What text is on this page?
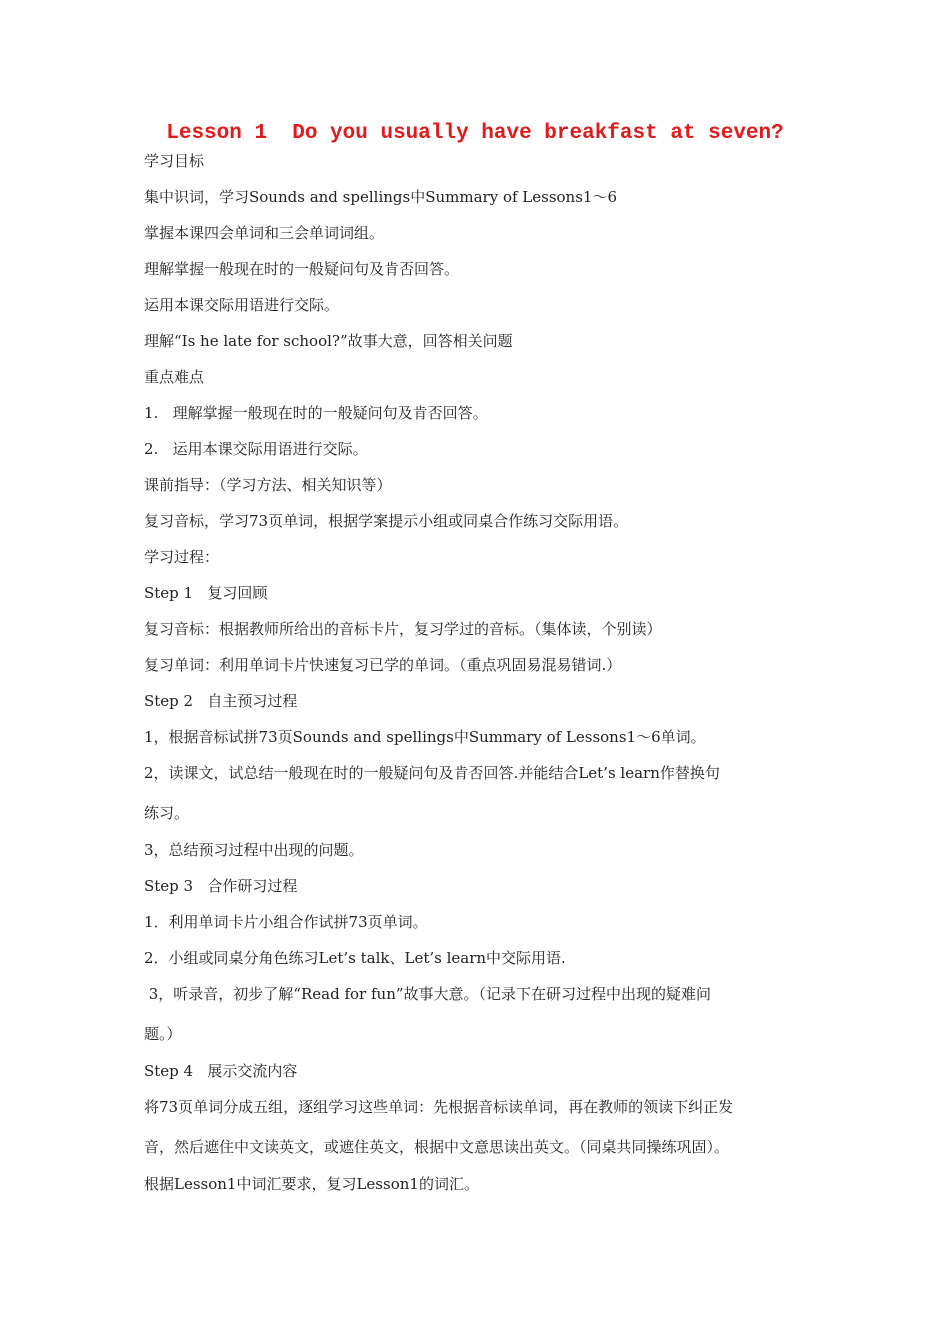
Lesson 1  Do you usually have breakfast at seven?
学习目标
集中识词，学习Sounds and spellings中Summary of Lessons1～6
掌握本课四会单词和三会单词词组。
理解掌握一般现在时的一般疑问句及肯否回答。
运用本课交际用语进行交际。
理解“Is he late for school?”故事大意，回答相关问题
重点难点
1.   理解掌握一般现在时的一般疑问句及肯否回答。
2.   运用本课交际用语进行交际。
课前指导：（学习方法、相关知识等）
复习音标，学习73页单词，根据学案提示小组或同桌合作练习交际用语。
学习过程：
Step 1   复习回顾
复习音标：根据教师所给出的音标卡片，复习学过的音标。（集体读，个别读）
复习单词：利用单词卡片快速复习已学的单词。（重点巩固易混易错词.）
Step 2   自主预习过程
1，根据音标试拼73页Sounds and spellings中Summary of Lessons1～6单词。
2，读课文，试总结一般现在时的一般疑问句及肯否回答.并能结合Let’s learn作替换句
练习。
3，总结预习过程中出现的问题。
Step 3   合作研习过程
1．利用单词卡片小组合作试拼73页单词。
2．小组或同桌分角色练习Let’s talk、Let’s learn中交际用语.
3，听录音，初步了解“Read for fun”故事大意。（记录下在研习过程中出现的疑难问
题。）
Step 4   展示交流内容
将73页单词分成五组，逐组学习这些单词：先根据音标读单词，再在教师的领读下纠正发
音，然后遮住中文读英文，或遮住英文，根据中文意思读出英文。（同桌共同操练巩固）。
根据Lesson1中词汇要求，复习Lesson1的词汇。
